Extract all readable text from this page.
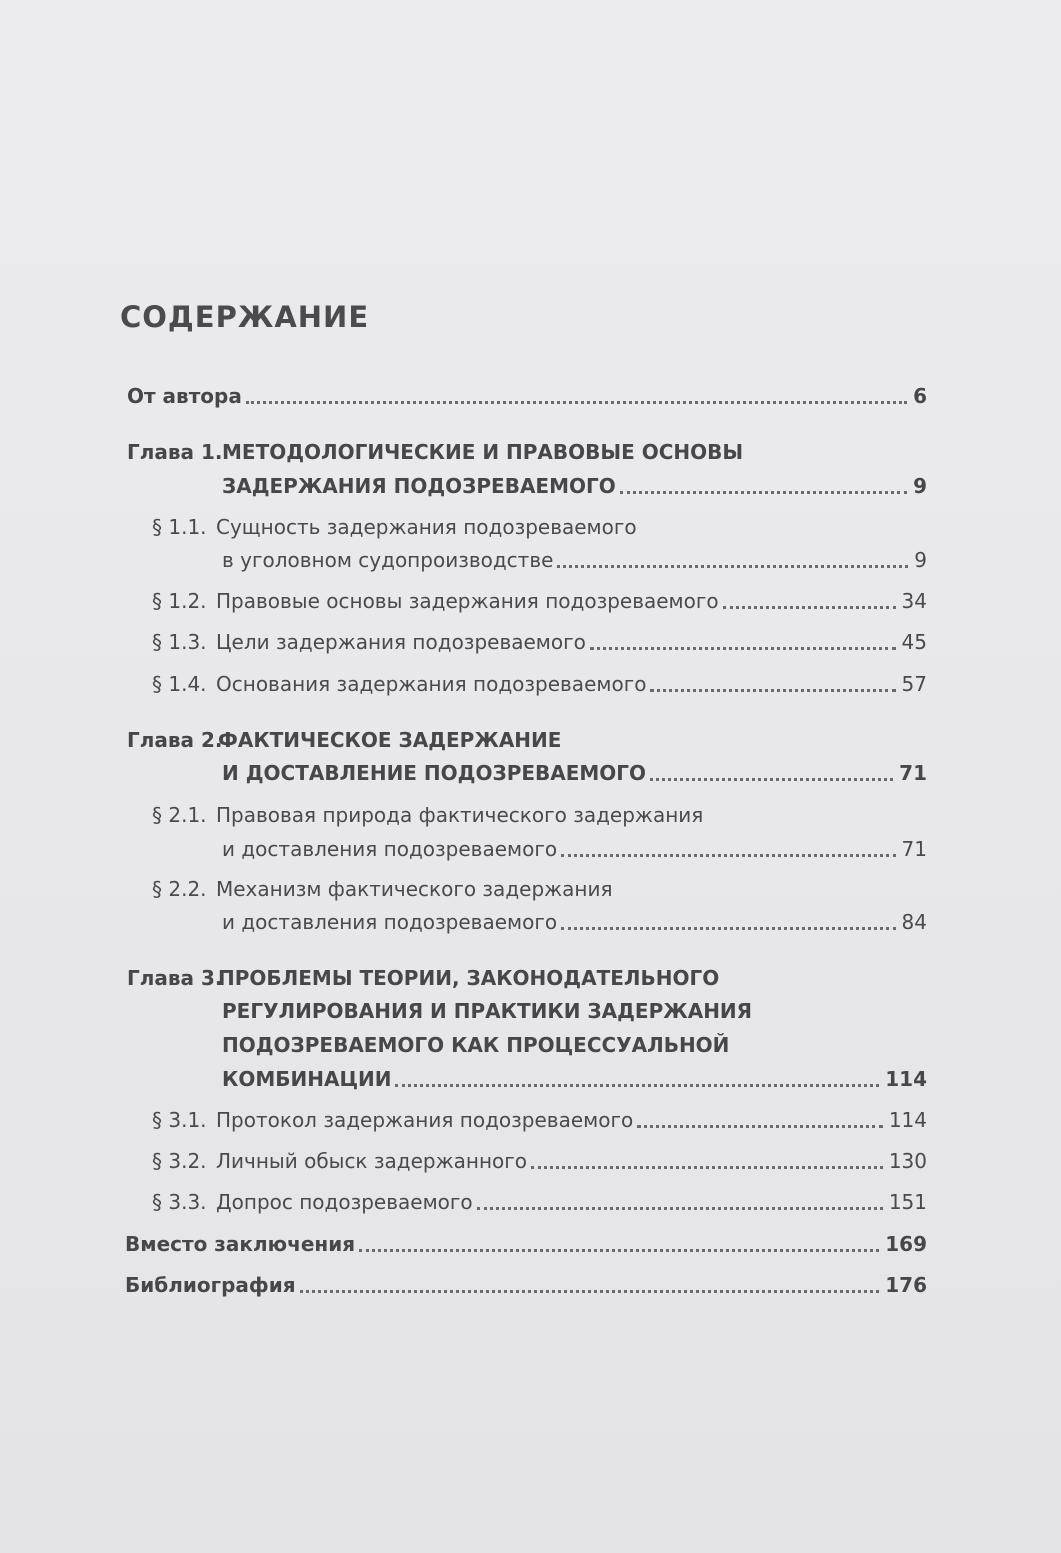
СОДЕРЖАНИЕ
От автора	6
Глава 1. МЕТОДОЛОГИЧЕСКИЕ И ПРАВОВЫЕ ОСНОВЫ
ЗАДЕРЖАНИЯ ПОДОЗРЕВАЕМОГО	9
§ 1.1. Сущность задержания подозреваемого
в уголовном судопроизводстве	9
§ 1.2. Правовые основы задержания подозреваемого	34
§ 1.3. Цели задержания подозреваемого	45
§ 1.4. Основания задержания подозреваемого	57
Глава 2.
ФАКТИЧЕСКОЕ ЗАДЕРЖАНИЕ
И ДОСТАВЛЕНИЕ ПОДОЗРЕВАЕМОГО	71
§ 2.1. Правовая природа фактического задержания
и доставления подозреваемого	71
§ 2.2. Механизм фактического задержания
и доставления подозреваемого	84
Глава 3.
ПРОБЛЕМЫ ТЕОРИИ, ЗАКОНОДАТЕЛЬНОГО
РЕГУЛИРОВАНИЯ И ПРАКТИКИ ЗАДЕРЖАНИЯ
ПОДОЗРЕВАЕМОГО КАК ПРОЦЕССУАЛЬНОЙ
КОМБИНАЦИИ	114
§ 3.1. Протокол задержания подозреваемого	114
§ 3.2. Личный обыск задержанного	130
§ 3.3. Допрос подозреваемого	151
Вместо заключения	169
Библиография	176
